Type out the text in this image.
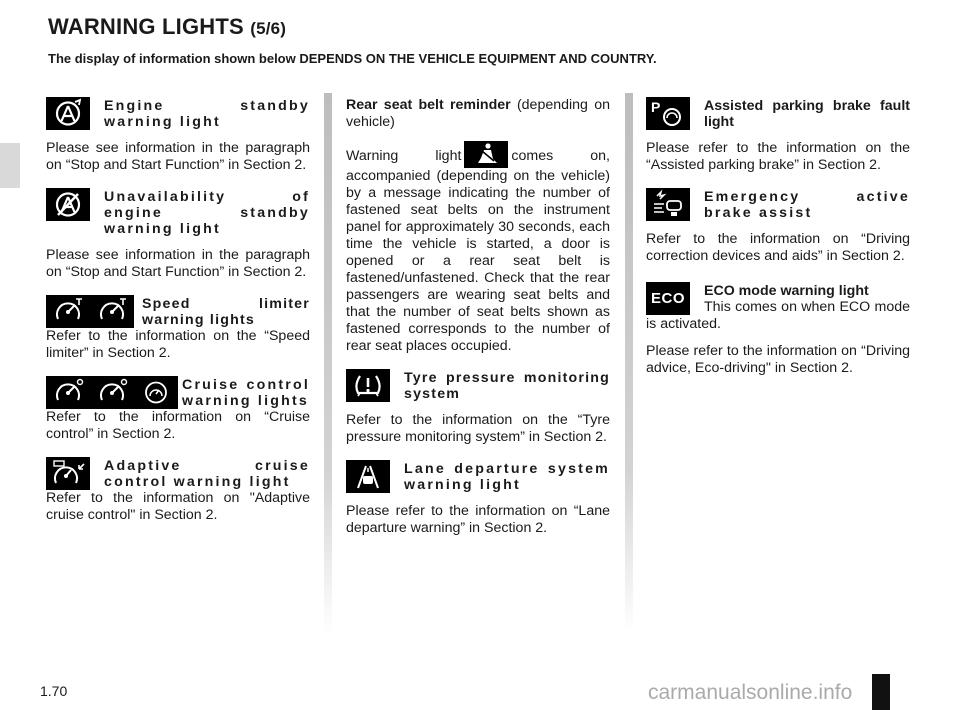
WARNING LIGHTS (5/6)
The display of information shown below DEPENDS ON THE VEHICLE EQUIPMENT AND COUNTRY.
Engine standby warning light

Please see information in the paragraph on “Stop and Start Function” in Section 2.

Unavailability of engine standby warning light

Please see information in the paragraph on “Stop and Start Function” in Section 2.

Speed limiter warning lights

Refer to the information on the “Speed limiter” in Section 2.

Cruise control warning lights

Refer to the information on “Cruise control” in Section 2.

Adaptive cruise control warning light

Refer to the information on "Adaptive cruise control" in Section 2.

Rear seat belt reminder (depending on vehicle)

Warning light	comes on, accompanied (depending on the vehicle) by a message indicating the number of fastened seat belts on the instrument panel for approximately 30 seconds, each time the vehicle is started, a door is opened or a rear seat belt is fastened/unfastened. Check that the rear passengers are wearing seat belts and that the number of seat belts shown as fastened corresponds to the number of rear seat places occupied.

Tyre pressure monitoring system

Refer to the information on the “Tyre pressure monitoring system” in Section 2.

Lane departure system warning light

Please refer to the information on “Lane departure warning” in Section 2.

P	Assisted parking brake fault light

Please refer to the information on the “Assisted parking brake” in Section 2.

Emergency active brake assist

Refer to the information on “Driving correction devices and aids” in Section 2.

ECO	ECO mode warning light

This comes on when ECO mode is activated.

Please refer to the information on “Driving advice, Eco-driving" in Section 2.

1.70	carmanualsonline.info
